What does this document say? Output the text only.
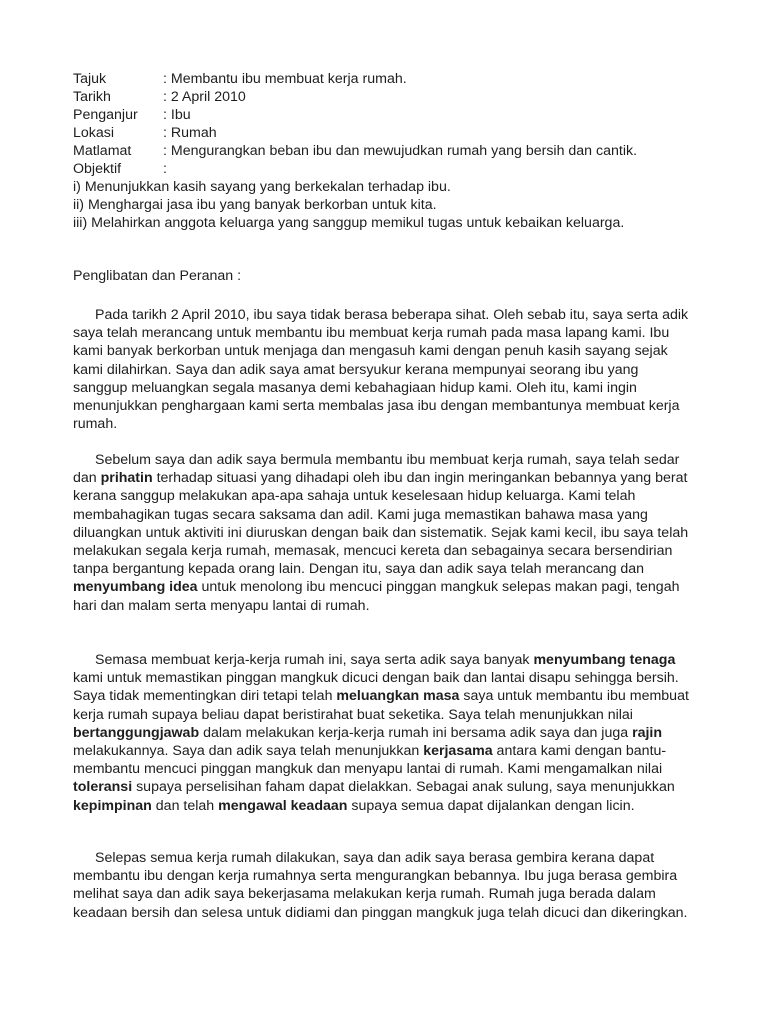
Tajuk	: Membantu ibu membuat kerja rumah.
Tarikh	: 2 April 2010
Penganjur	: Ibu
Lokasi	: Rumah
Matlamat	: Mengurangkan beban ibu dan mewujudkan rumah yang bersih dan cantik.
Objektif	:
i) Menunjukkan kasih sayang yang berkekalan terhadap ibu.
ii) Menghargai jasa ibu yang banyak berkorban untuk kita.
iii) Melahirkan anggota keluarga yang sanggup memikul tugas untuk kebaikan keluarga.
Penglibatan dan Peranan :

Pada tarikh 2 April 2010, ibu saya tidak berasa beberapa sihat. Oleh sebab itu, saya serta adik saya telah merancang untuk membantu ibu membuat kerja rumah pada masa lapang kami. Ibu kami banyak berkorban untuk menjaga dan mengasuh kami dengan penuh kasih sayang sejak kami dilahirkan. Saya dan adik saya amat bersyukur kerana mempunyai seorang ibu yang sanggup meluangkan segala masanya demi kebahagiaan hidup kami. Oleh itu, kami ingin menunjukkan penghargaan kami serta membalas jasa ibu dengan membantunya membuat kerja rumah.

Sebelum saya dan adik saya bermula membantu ibu membuat kerja rumah, saya telah sedar dan prihatin terhadap situasi yang dihadapi oleh ibu dan ingin meringankan bebannya yang berat kerana sanggup melakukan apa-apa sahaja untuk keselesaan hidup keluarga. Kami telah membahagikan tugas secara saksama dan adil. Kami juga memastikan bahawa masa yang diluangkan untuk aktiviti ini diuruskan dengan baik dan sistematik. Sejak kami kecil, ibu saya telah melakukan segala kerja rumah, memasak, mencuci kereta dan sebagainya secara bersendirian tanpa bergantung kepada orang lain. Dengan itu, saya dan adik saya telah merancang dan menyumbang idea untuk menolong ibu mencuci pinggan mangkuk selepas makan pagi, tengah hari dan malam serta menyapu lantai di rumah.

Semasa membuat kerja-kerja rumah ini, saya serta adik saya banyak menyumbang tenaga kami untuk memastikan pinggan mangkuk dicuci dengan baik dan lantai disapu sehingga bersih. Saya tidak mementingkan diri tetapi telah meluangkan masa saya untuk membantu ibu membuat kerja rumah supaya beliau dapat beristirahat buat seketika. Saya telah menunjukkan nilai bertanggungjawab dalam melakukan kerja-kerja rumah ini bersama adik saya dan juga rajin melakukannya. Saya dan adik saya telah menunjukkan kerjasama antara kami dengan bantu-membantu mencuci pinggan mangkuk dan menyapu lantai di rumah. Kami mengamalkan nilai toleransi supaya perselisihan faham dapat dielakkan. Sebagai anak sulung, saya menunjukkan kepimpinan dan telah mengawal keadaan supaya semua dapat dijalankan dengan licin.

Selepas semua kerja rumah dilakukan, saya dan adik saya berasa gembira kerana dapat membantu ibu dengan kerja rumahnya serta mengurangkan bebannya. Ibu juga berasa gembira melihat saya dan adik saya bekerjasama melakukan kerja rumah. Rumah juga berada dalam keadaan bersih dan selesa untuk didiami dan pinggan mangkuk juga telah dicuci dan dikeringkan.
